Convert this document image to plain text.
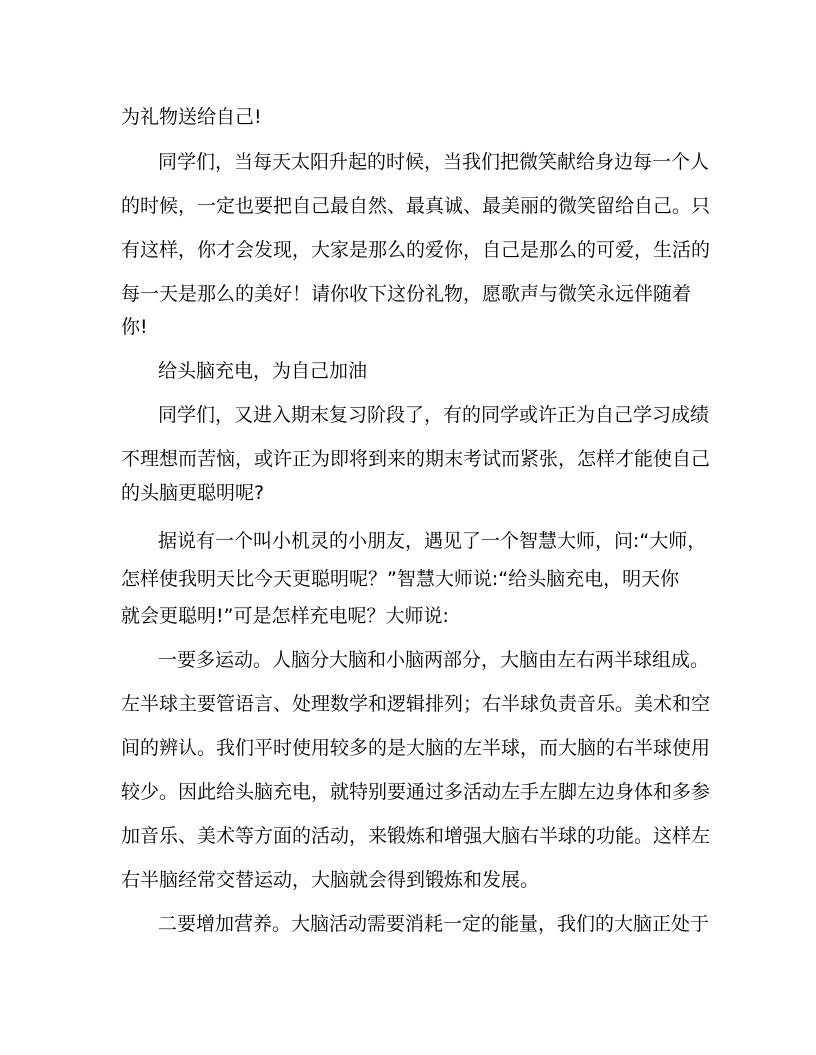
为礼物送给自己!
同学们，当每天太阳升起的时候，当我们把微笑献给身边每一个人
的时候，一定也要把自己最自然、最真诚、最美丽的微笑留给自己。只
有这样，你才会发现，大家是那么的爱你，自己是那么的可爱，生活的
每一天是那么的美好！请你收下这份礼物，愿歌声与微笑永远伴随着
你!
给头脑充电，为自己加油
同学们，又进入期末复习阶段了，有的同学或许正为自己学习成绩
不理想而苦恼，或许正为即将到来的期末考试而紧张，怎样才能使自己
的头脑更聪明呢?
据说有一个叫小机灵的小朋友，遇见了一个智慧大师，问:“大师，
怎样使我明天比今天更聪明呢？”智慧大师说:“给头脑充电，明天你
就会更聪明!”可是怎样充电呢？大师说:
一要多运动。人脑分大脑和小脑两部分，大脑由左右两半球组成。
左半球主要管语言、处理数学和逻辑排列；右半球负责音乐。美术和空
间的辨认。我们平时使用较多的是大脑的左半球，而大脑的右半球使用
较少。因此给头脑充电，就特别要通过多活动左手左脚左边身体和多参
加音乐、美术等方面的活动，来锻炼和增强大脑右半球的功能。这样左
右半脑经常交替运动，大脑就会得到锻炼和发展。
二要增加营养。大脑活动需要消耗一定的能量，我们的大脑正处于
